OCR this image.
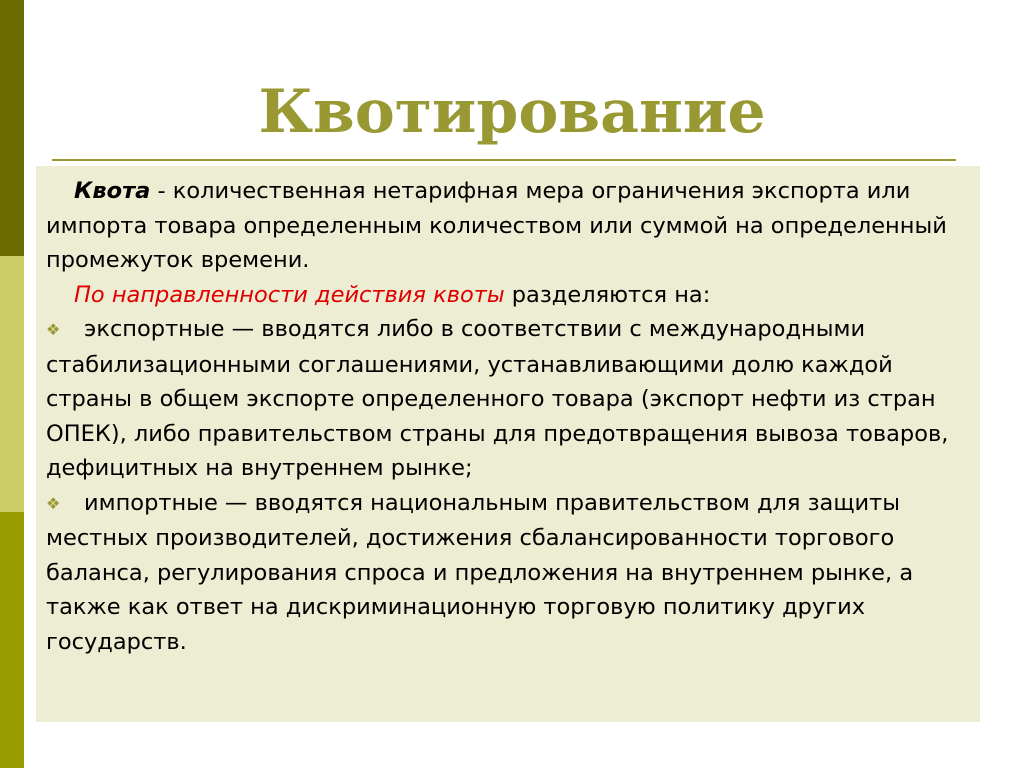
Квотирование

Квота - количественная нетарифная мера ограничения экспорта или импорта товара определенным количеством или суммой на определенный промежуток времени.

По направленности действия квоты разделяются на:

❖ экспортные — вводятся либо в соответствии с международными стабилизационными соглашениями, устанавливающими долю каждой страны в общем экспорте определенного товара (экспорт нефти из стран ОПЕК), либо правительством страны для предотвращения вывоза товаров, дефицитных на внутреннем рынке;

❖ импортные — вводятся национальным правительством для защиты местных производителей, достижения сбалансированности торгового баланса, регулирования спроса и предложения на внутреннем рынке, а также как ответ на дискриминационную торговую политику других государств.
